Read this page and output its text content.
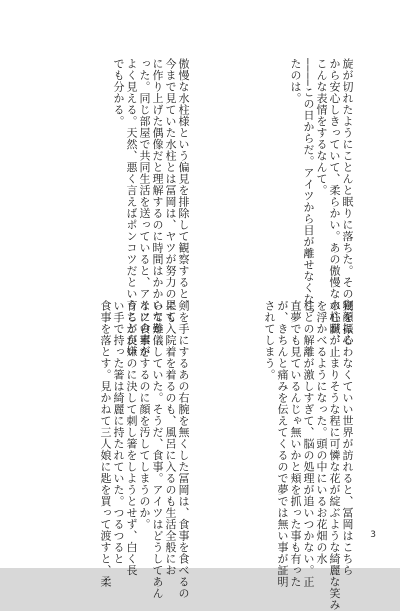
旋が切れたようにことんと眠りに落ちた。その寝顔は心
から安心しきっていて、柔らかい。あの傲慢な水柱が、
こんな表情をするなんて。
――――この日からだ。アイツから目が離せなくなっ
たのは。
傲慢な水柱様という偏見を排除して観察すると、
今まで見ていた水柱とは冨岡は、ヤツが努力の果て
に作り上げた偶像だと理解するのに時間はかからなか
った。同じ部屋で共同生活を送っていると、アイツの素が
よく見える。天然、悪く言えばポンコツだということが嫌
でも分かる。
剣を振るわなくていい世界が訪れると、冨岡はこちら
の心臓が止まりそうな程に可憐な花が綻ぶような綺麗な笑み
を浮かべるようになった。頭の中にいるお花畑の水
柱との解離が激しすぎて、脳の処理が追いつかない。正
直夢でも見ているんじゃ無いかと頬を抓った事も有った
が、きちんと痛みを伝えてくるので夢では無い事が証明
されてしまう。
剣を手にするあの右腕を無くした冨岡は、食事を食べるの
にも入院着を着るのも、風呂に入るのも生活全般にお
いて難儀していた。そうだ、食事。アイツはどうしてあん
なに食事をするのに顔を汚してしまうのか。
育ちが良いのに決して刺し箸をしようとせず、白く長
い手で持った箸は綺麗に持たれていた。つるつると
食事を落とす。見かねて三人娘に匙を買って渡すと、柔	3
